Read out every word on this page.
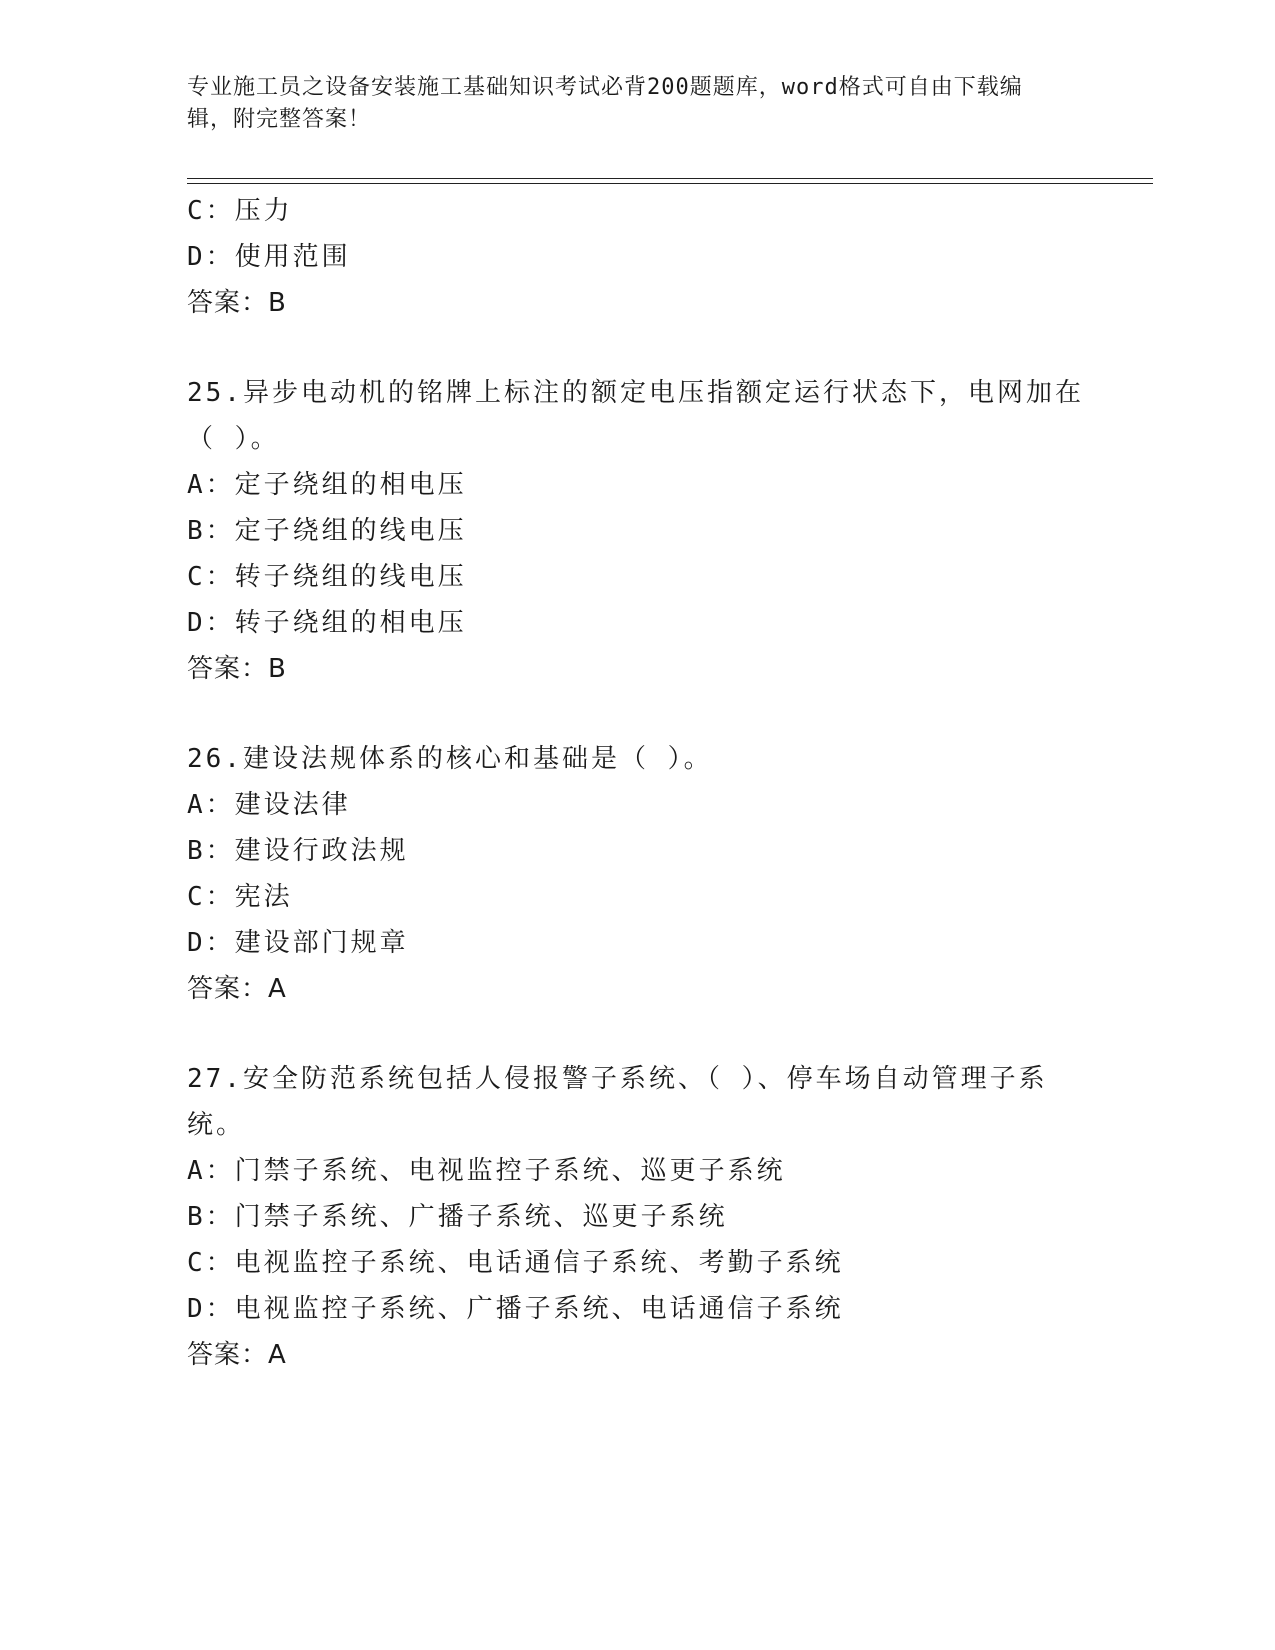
专业施工员之设备安装施工基础知识考试必背200题题库，word格式可自由下载编辑，附完整答案！
C：压力
D：使用范围
答案：B
25.异步电动机的铭牌上标注的额定电压指额定运行状态下，电网加在（ ）。
A：定子绕组的相电压
B：定子绕组的线电压
C：转子绕组的线电压
D：转子绕组的相电压
答案：B
26.建设法规体系的核心和基础是（ ）。
A：建设法律
B：建设行政法规
C：宪法
D：建设部门规章
答案：A
27.安全防范系统包括人侵报警子系统、（ ）、停车场自动管理子系统。
A：门禁子系统、电视监控子系统、巡更子系统
B：门禁子系统、广播子系统、巡更子系统
C：电视监控子系统、电话通信子系统、考勤子系统
D：电视监控子系统、广播子系统、电话通信子系统
答案：A
